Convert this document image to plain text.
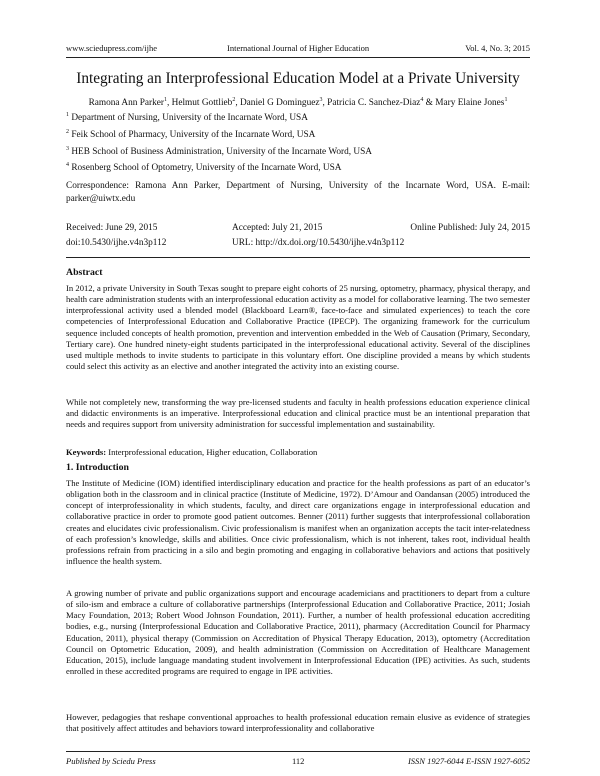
www.sciedupress.com/ijhe	International Journal of Higher Education	Vol. 4, No. 3; 2015
Integrating an Interprofessional Education Model at a Private University
Ramona Ann Parker$^1$, Helmut Gottlieb$^2$, Daniel G Dominguez$^3$, Patricia C. Sanchez-Diaz$^4$ & Mary Elaine Jones$^1$
$^1$ Department of Nursing, University of the Incarnate Word, USA
$^2$ Feik School of Pharmacy, University of the Incarnate Word, USA
$^3$ HEB School of Business Administration, University of the Incarnate Word, USA
$^4$ Rosenberg School of Optometry, University of the Incarnate Word, USA
Correspondence: Ramona Ann Parker, Department of Nursing, University of the Incarnate Word, USA. E-mail: parker@uiwtx.edu
Received: June 29, 2015	Accepted: July 21, 2015	Online Published: July 24, 2015
doi:10.5430/ijhe.v4n3p112	URL: http://dx.doi.org/10.5430/ijhe.v4n3p112
Abstract

In 2012, a private University in South Texas sought to prepare eight cohorts of 25 nursing, optometry, pharmacy, physical therapy, and health care administration students with an interprofessional education activity as a model for collaborative learning. The two semester interprofessional activity used a blended model (Blackboard Learn®, face-to-face and simulated experiences) to teach the core competencies of Interprofessional Education and Collaborative Practice (IPECP). The organizing framework for the curriculum sequence included concepts of health promotion, prevention and intervention embedded in the Web of Causation (Primary, Secondary, Tertiary care). One hundred ninety-eight students participated in the interprofessional educational activity. Several of the disciplines used multiple methods to invite students to participate in this voluntary effort. One discipline provided a means by which students could select this activity as an elective and another integrated the activity into an existing course.

While not completely new, transforming the way pre-licensed students and faculty in health professions education experience clinical and didactic environments is an imperative. Interprofessional education and clinical practice must be an intentional preparation that needs and requires support from university administration for successful implementation and sustainability.

Keywords: Interprofessional education, Higher education, Collaboration
1. Introduction

The Institute of Medicine (IOM) identified interdisciplinary education and practice for the health professions as part of an educator’s obligation both in the classroom and in clinical practice (Institute of Medicine, 1972). D’Amour and Oandansan (2005) introduced the concept of interprofessionality in which students, faculty, and direct care organizations engage in interprofessional education and collaborative practice in order to promote good patient outcomes. Benner (2011) further suggests that interprofessional collaboration creates and elucidates civic professionalism. Civic professionalism is manifest when an organization accepts the tacit inter-relatedness of each profession’s knowledge, skills and abilities. Once civic professionalism, which is not inherent, takes root, individual health professions refrain from practicing in a silo and begin promoting and engaging in collaborative behaviors and actions that positively influence the health system.

A growing number of private and public organizations support and encourage academicians and practitioners to depart from a culture of silo-ism and embrace a culture of collaborative partnerships (Interprofessional Education and Collaborative Practice, 2011; Josiah Macy Foundation, 2013; Robert Wood Johnson Foundation, 2011). Further, a number of health professional education accrediting bodies, e.g., nursing (Interprofessional Education and Collaborative Practice, 2011), pharmacy (Accreditation Council for Pharmacy Education, 2011), physical therapy (Commission on Accreditation of Physical Therapy Education, 2013), optometry (Accreditation Council on Optometric Education, 2009), and health administration (Commission on Accreditation of Healthcare Management Education, 2015), include language mandating student involvement in Interprofessional Education (IPE) activities. As such, students enrolled in these accredited programs are required to engage in IPE activities.

However, pedagogies that reshape conventional approaches to health professional education remain elusive as evidence of strategies that positively affect attitudes and behaviors toward interprofessionality and collaborative

Published by Sciedu Press	112	ISSN 1927-6044 E-ISSN 1927-6052
